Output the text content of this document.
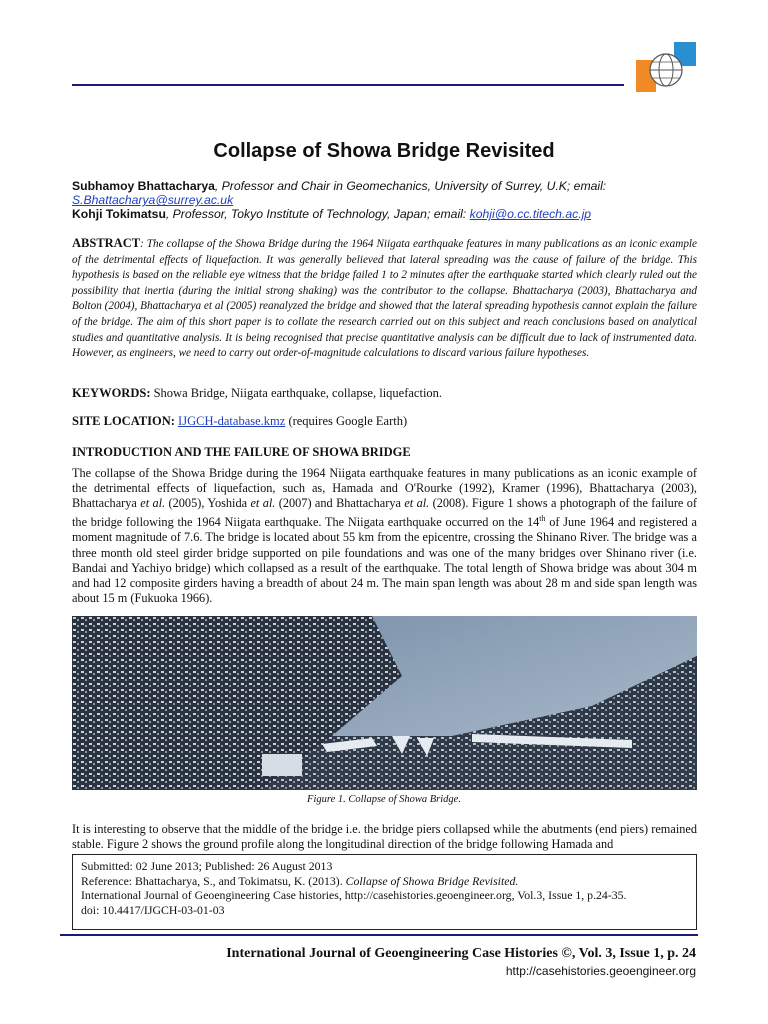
Collapse of Showa Bridge Revisited
Subhamoy Bhattacharya, Professor and Chair in Geomechanics, University of Surrey, U.K; email:
S.Bhattacharya@surrey.ac.uk
Kohji Tokimatsu, Professor, Tokyo Institute of Technology, Japan; email: kohji@o.cc.titech.ac.jp
ABSTRACT: The collapse of the Showa Bridge during the 1964 Niigata earthquake features in many publications as an iconic example of the detrimental effects of liquefaction. It was generally believed that lateral spreading was the cause of failure of the bridge. This hypothesis is based on the reliable eye witness that the bridge failed 1 to 2 minutes after the earthquake started which clearly ruled out the possibility that inertia (during the initial strong shaking) was the contributor to the collapse. Bhattacharya (2003), Bhattacharya and Bolton (2004), Bhattacharya et al (2005) reanalyzed the bridge and showed that the lateral spreading hypothesis cannot explain the failure of the bridge. The aim of this short paper is to collate the research carried out on this subject and reach conclusions based on analytical studies and quantitative analysis. It is being recognised that precise quantitative analysis can be difficult due to lack of instrumented data. However, as engineers, we need to carry out order-of-magnitude calculations to discard various failure hypotheses.
KEYWORDS: Showa Bridge, Niigata earthquake, collapse, liquefaction.
SITE LOCATION: IJGCH-database.kmz (requires Google Earth)
INTRODUCTION AND THE FAILURE OF SHOWA BRIDGE
The collapse of the Showa Bridge during the 1964 Niigata earthquake features in many publications as an iconic example of the detrimental effects of liquefaction, such as, Hamada and O'Rourke (1992), Kramer (1996), Bhattacharya (2003), Bhattacharya et al. (2005), Yoshida et al. (2007) and Bhattacharya et al. (2008). Figure 1 shows a photograph of the failure of the bridge following the 1964 Niigata earthquake. The Niigata earthquake occurred on the 14th of June 1964 and registered a moment magnitude of 7.6. The bridge is located about 55 km from the epicentre, crossing the Shinano River. The bridge was a three month old steel girder bridge supported on pile foundations and was one of the many bridges over Shinano river (i.e. Bandai and Yachiyo bridge) which collapsed as a result of the earthquake. The total length of Showa bridge was about 304 m and had 12 composite girders having a breadth of about 24 m. The main span length was about 28 m and side span length was about 15 m (Fukuoka 1966).
Figure 1. Collapse of Showa Bridge.
It is interesting to observe that the middle of the bridge i.e. the bridge piers collapsed while the abutments (end piers) remained stable. Figure 2 shows the ground profile along the longitudinal direction of the bridge following Hamada and
Submitted: 02 June 2013; Published: 26 August 2013
Reference: Bhattacharya, S., and Tokimatsu, K. (2013). Collapse of Showa Bridge Revisited.
International Journal of Geoengineering Case histories, http://casehistories.geoengineer.org, Vol.3, Issue 1, p.24-35.
doi: 10.4417/IJGCH-03-01-03
International Journal of Geoengineering Case Histories ©, Vol. 3, Issue 1, p. 24
http://casehistories.geoengineer.org
